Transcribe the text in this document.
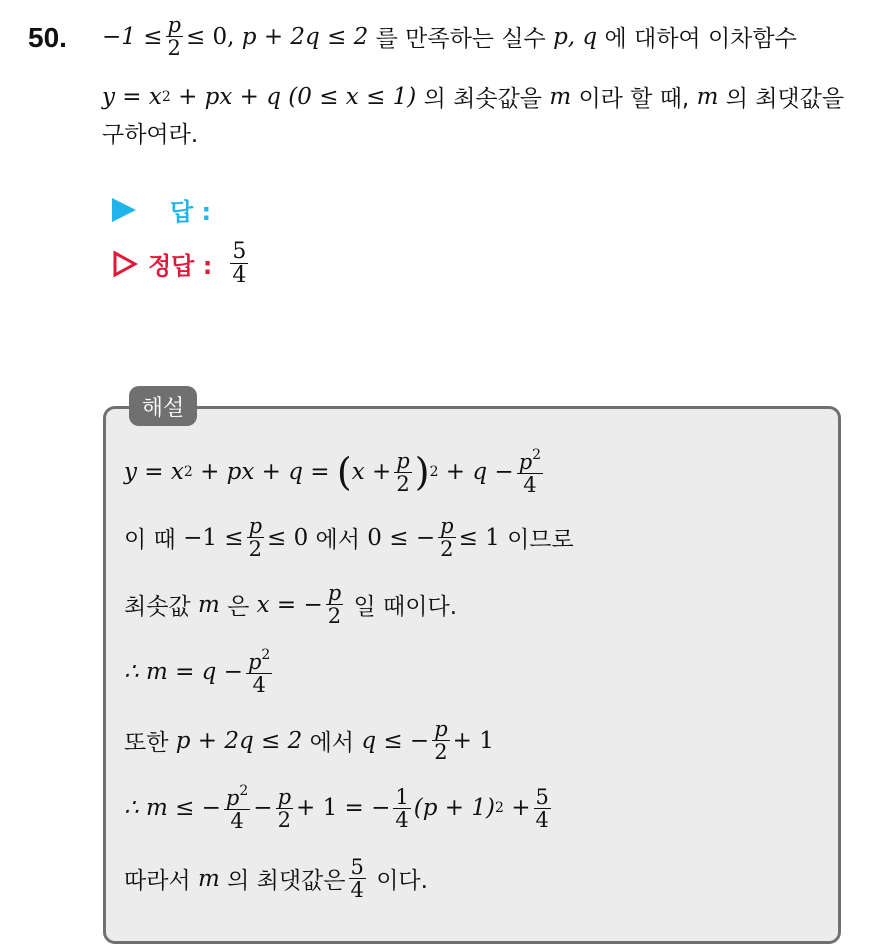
50. $-1 \le \frac{p}{2} \le 0$,
p + 2q ≤ 2
를 만족하는 실수
p, q
에 대하여 이차함수
y = x 2
+ px + q (0 ≤ x ≤ 1)
의 최솟값을
m
이라 할 때,
m
의 최댓값을
구하여라.
답 :
정답 : $\frac{5}{4}$
해설
y = x 2
+ px + q =
( $x + \frac{p}{2}$ ) 2
+ $q - \frac{p^2}{4}$
이 때
$-1 \le \frac{p}{2} \le 0$
에서
0 ≤ − $\frac{p}{2} \le 1$
이므로
최솟값
m
은
x = − $\frac{p}{2}$
일 때이다.
∴ $m = q - \frac{p^2}{4}$
또한
p + 2q ≤ 2
에서
q ≤ − $\frac{p}{2} + 1$
∴ m ≤ − $\frac{p^2}{4} - \frac{p}{2} + 1$ = − $\frac{1}{4} (p + 1)$ 2
+ $\frac{5}{4}$
따라서
m
의 최댓값은 $\frac{5}{4}$
이다.
